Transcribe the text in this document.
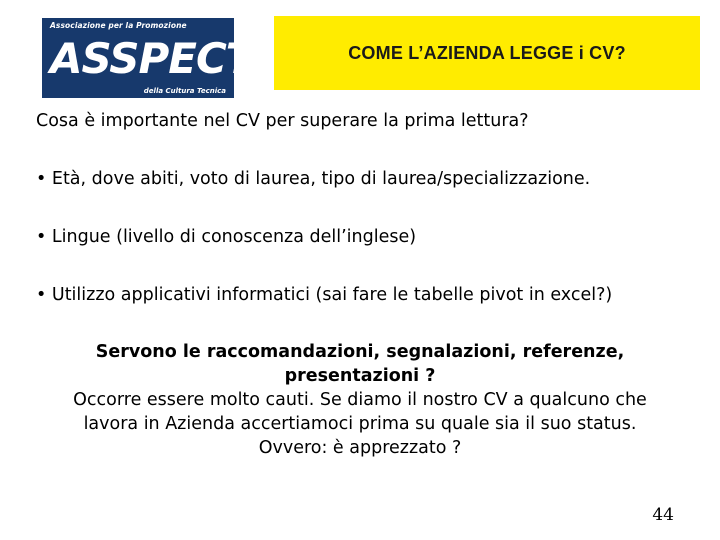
Associazione per la Promozione
ASSPECT
della Cultura Tecnica
COME L’AZIENDA LEGGE i CV?
Cosa è importante nel CV per superare la prima lettura?
• Età, dove abiti, voto di laurea, tipo di laurea/specializzazione.
• Lingue (livello di conoscenza dell’inglese)
• Utilizzo applicativi informatici (sai fare le tabelle pivot in excel?)
Servono le raccomandazioni, segnalazioni, referenze,
presentazioni ?
Occorre essere molto cauti. Se diamo il nostro CV a qualcuno che
lavora in Azienda accertiamoci prima su quale sia il suo status.
Ovvero: è apprezzato ?
44
